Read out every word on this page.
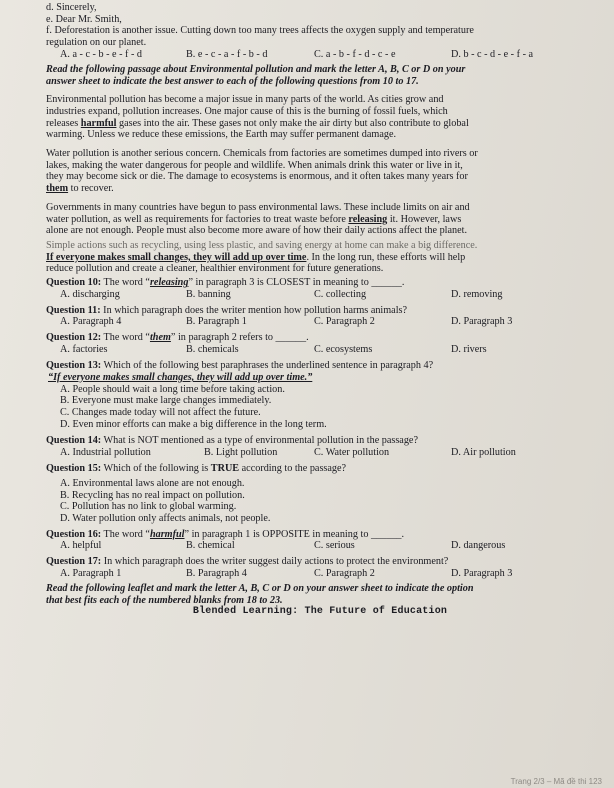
d. Sincerely,
e. Dear Mr. Smith,
f. Deforestation is another issue. Cutting down too many trees affects the oxygen supply and temperature
regulation on our planet.
A. a - c - b - e - f - d	B. e - c - a - f - b - d	C. a - b - f - d - c - e	D. b - c - d - e - f - a
Read the following passage about Environmental pollution and mark the letter A, B, C or D on your
answer sheet to indicate the best answer to each of the following questions from 10 to 17.
Environmental pollution has become a major issue in many parts of the world. As cities grow and
industries expand, pollution increases. One major cause of this is the burning of fossil fuels, which
releases harmful gases into the air. These gases not only make the air dirty but also contribute to global
warming. Unless we reduce these emissions, the Earth may suffer permanent damage.
Water pollution is another serious concern. Chemicals from factories are sometimes dumped into rivers or
lakes, making the water dangerous for people and wildlife. When animals drink this water or live in it,
they may become sick or die. The damage to ecosystems is enormous, and it often takes many years for
them to recover.
Governments in many countries have begun to pass environmental laws. These include limits on air and
water pollution, as well as requirements for factories to treat waste before releasing it. However, laws
alone are not enough. People must also become more aware of how their daily actions affect the planet.
Simple actions such as recycling, using less plastic, and saving energy at home can make a big difference.
If everyone makes small changes, they will add up over time. In the long run, these efforts will help
reduce pollution and create a cleaner, healthier environment for future generations.
Question 10: The word “releasing” in paragraph 3 is CLOSEST in meaning to ______.
A. discharging	B. banning	C. collecting	D. removing
Question 11: In which paragraph does the writer mention how pollution harms animals?
A. Paragraph 4	B. Paragraph 1	C. Paragraph 2	D. Paragraph 3
Question 12: The word “them” in paragraph 2 refers to ______.
A. factories	B. chemicals	C. ecosystems	D. rivers
Question 13: Which of the following best paraphrases the underlined sentence in paragraph 4?
“If everyone makes small changes, they will add up over time.”
A. People should wait a long time before taking action.
B. Everyone must make large changes immediately.
C. Changes made today will not affect the future.
D. Even minor efforts can make a big difference in the long term.
Question 14: What is NOT mentioned as a type of environmental pollution in the passage?
A. Industrial pollution	B. Light pollution	C. Water pollution	D. Air pollution
Question 15: Which of the following is TRUE according to the passage?
A. Environmental laws alone are not enough.
B. Recycling has no real impact on pollution.
C. Pollution has no link to global warming.
D. Water pollution only affects animals, not people.
Question 16: The word “harmful” in paragraph 1 is OPPOSITE in meaning to ______.
A. helpful	B. chemical	C. serious	D. dangerous
Question 17: In which paragraph does the writer suggest daily actions to protect the environment?
A. Paragraph 1	B. Paragraph 4	C. Paragraph 2	D. Paragraph 3
Read the following leaflet and mark the letter A, B, C or D on your answer sheet to indicate the option
that best fits each of the numbered blanks from 18 to 23.
Blended Learning: The Future of Education
Trang 2/3 – Mã đề thi 123
